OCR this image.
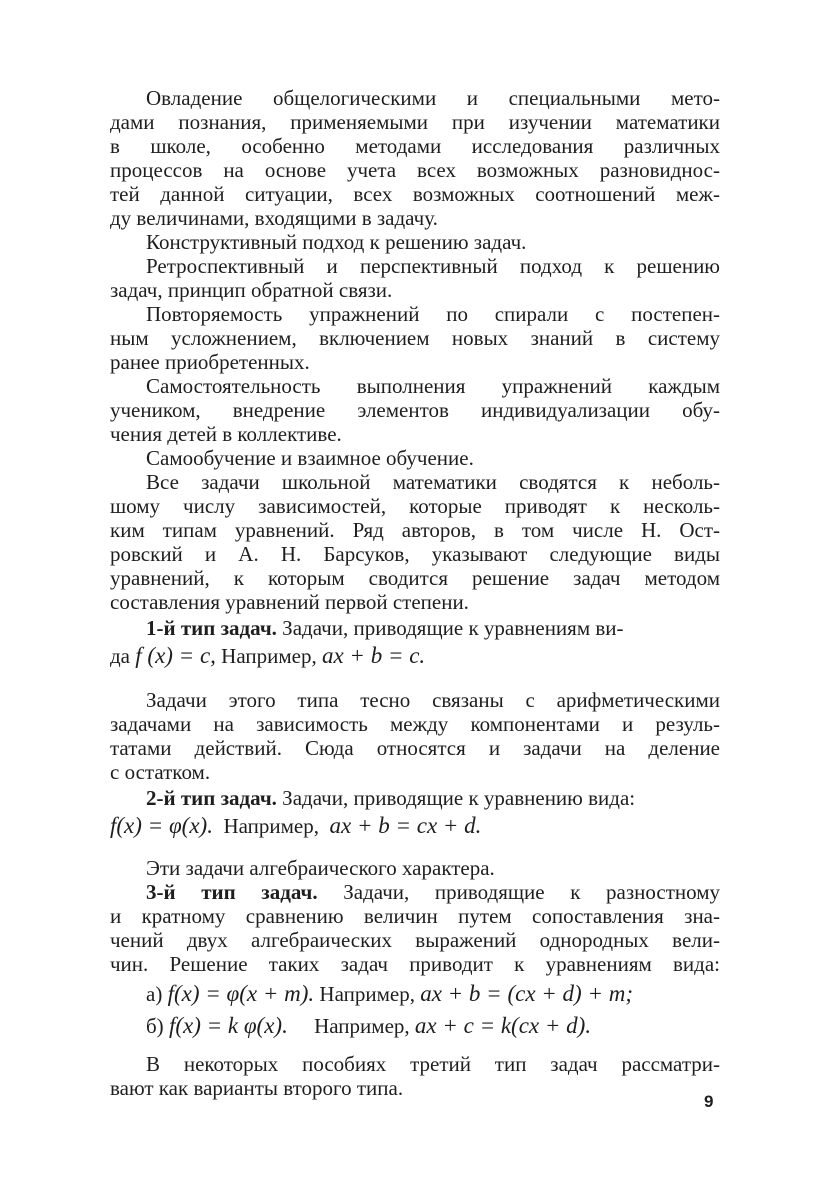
Овладение общелогическими и специальными мето-
дами познания, применяемыми при изучении математики
в школе, особенно методами исследования различных
процессов на основе учета всех возможных разновиднос-
тей данной ситуации, всех возможных соотношений меж-
ду величинами, входящими в задачу.
Конструктивный подход к решению задач.
Ретроспективный и перспективный подход к решению
задач, принцип обратной связи.
Повторяемость упражнений по спирали с постепен-
ным усложнением, включением новых знаний в систему
ранее приобретенных.
Самостоятельность выполнения упражнений каждым
учеником, внедрение элементов индивидуализации обу-
чения детей в коллективе.
Самообучение и взаимное обучение.
Все задачи школьной математики сводятся к неболь-
шому числу зависимостей, которые приводят к несколь-
ким типам уравнений. Ряд авторов, в том числе Н. Ост-
ровский и А. Н. Барсуков, указывают следующие виды
уравнений, к которым сводится решение задач методом
составления уравнений первой степени.
1-й тип задач. Задачи, приводящие к уравнениям ви-
да f (x) = c, Например, ax + b = c.
Задачи этого типа тесно связаны с арифметическими
задачами на зависимость между компонентами и резуль-
татами действий. Сюда относятся и задачи на деление
с остатком.
2-й тип задач. Задачи, приводящие к уравнению вида:
f(x) = φ(x).  Например,  ax + b = cx + d.
Эти задачи алгебраического характера.
3-й тип задач. Задачи, приводящие к разностному
и кратному сравнению величин путем сопоставления зна-
чений двух алгебраических выражений однородных вели-
чин. Решение таких задач приводит к уравнениям вида:
а) f(x) = φ(x + m). Например, ax + b = (cx + d) + m;
б) f(x) = k φ(x).     Например, ax + c = k(cx + d).
В некоторых пособиях третий тип задач рассматри-
вают как варианты второго типа.
9
